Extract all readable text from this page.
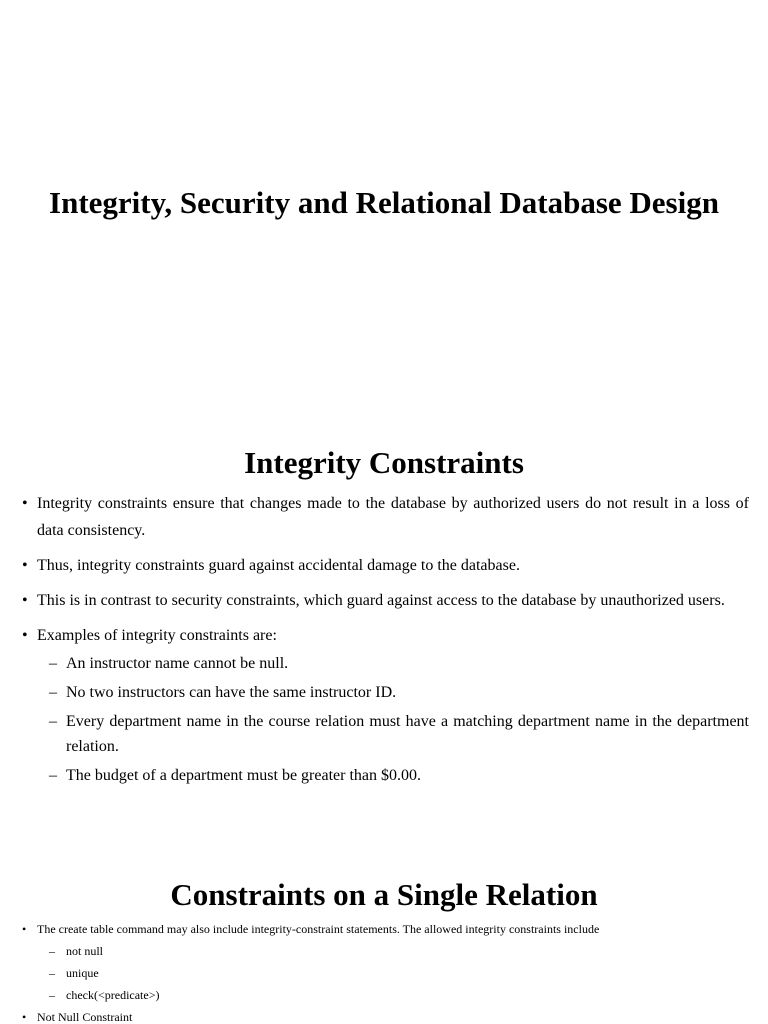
Integrity, Security and Relational Database Design
Integrity Constraints
• Integrity constraints ensure that changes made to the database by authorized users do not result in a loss of data consistency.
• Thus, integrity constraints guard against accidental damage to the database.
• This is in contrast to security constraints, which guard against access to the database by unauthorized users.
• Examples of integrity constraints are:
– An instructor name cannot be null.
– No two instructors can have the same instructor ID.
– Every department name in the course relation must have a matching department name in the department relation.
– The budget of a department must be greater than $0.00.
Constraints on a Single Relation
• The create table command may also include integrity-constraint statements. The allowed integrity constraints include
– not null
– unique
– check(<predicate>)
• Not Null Constraint
